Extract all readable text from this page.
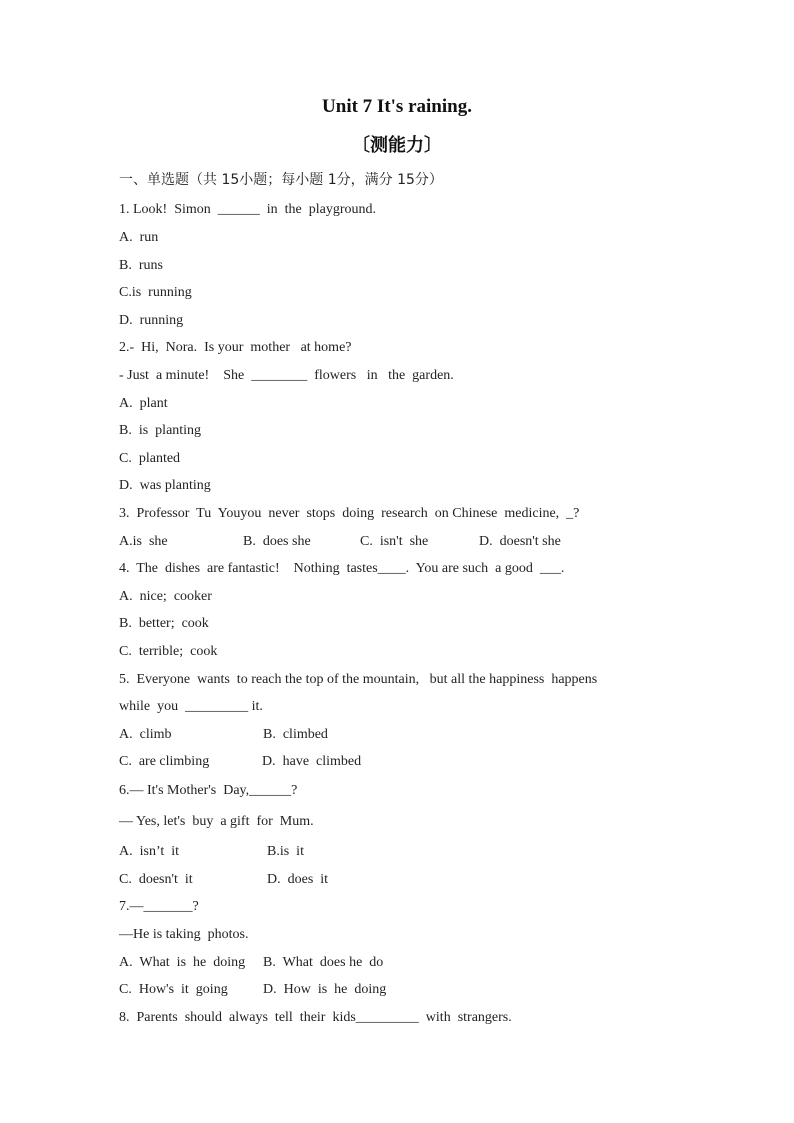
Unit 7 It's raining.
〔测能力〕
一、单选题（共 15小题；每小题 1分，满分 15分）
1. Look!  Simon  ______  in  the  playground.
A.  run
B.  runs
C.is  running
D.  running
2.-  Hi,  Nora.  Is your  mother   at home?
- Just  a minute!    She  ________  flowers   in   the  garden.
A.  plant
B.  is  planting
C.  planted
D.  was planting
3.  Professor  Tu  Youyou  never  stops  doing  research  on Chinese  medicine,  _?
A.is  she	B.  does she	C.  isn't  she	D.  doesn't she
4.  The  dishes  are fantastic!    Nothing  tastes____.  You are such  a good  ___.
A.  nice;  cooker
B.  better;  cook
C.  terrible;  cook
5.  Everyone  wants  to reach the top of the mountain,   but all the happiness  happens
while  you  _________ it.
A.  climb	B.  climbed
C.  are climbing	D.  have  climbed
6.— It's Mother's  Day,______?
— Yes, let's  buy  a gift  for  Mum.
A.  isn’t  it	B.is  it
C.  doesn't  it	D.  does  it
7.—_______?
—He is taking  photos.
A.  What  is  he  doing B.  What  does he  do
C.  How's  it  going	D.  How  is  he  doing
8.  Parents  should  always  tell  their  kids_________  with  strangers.
